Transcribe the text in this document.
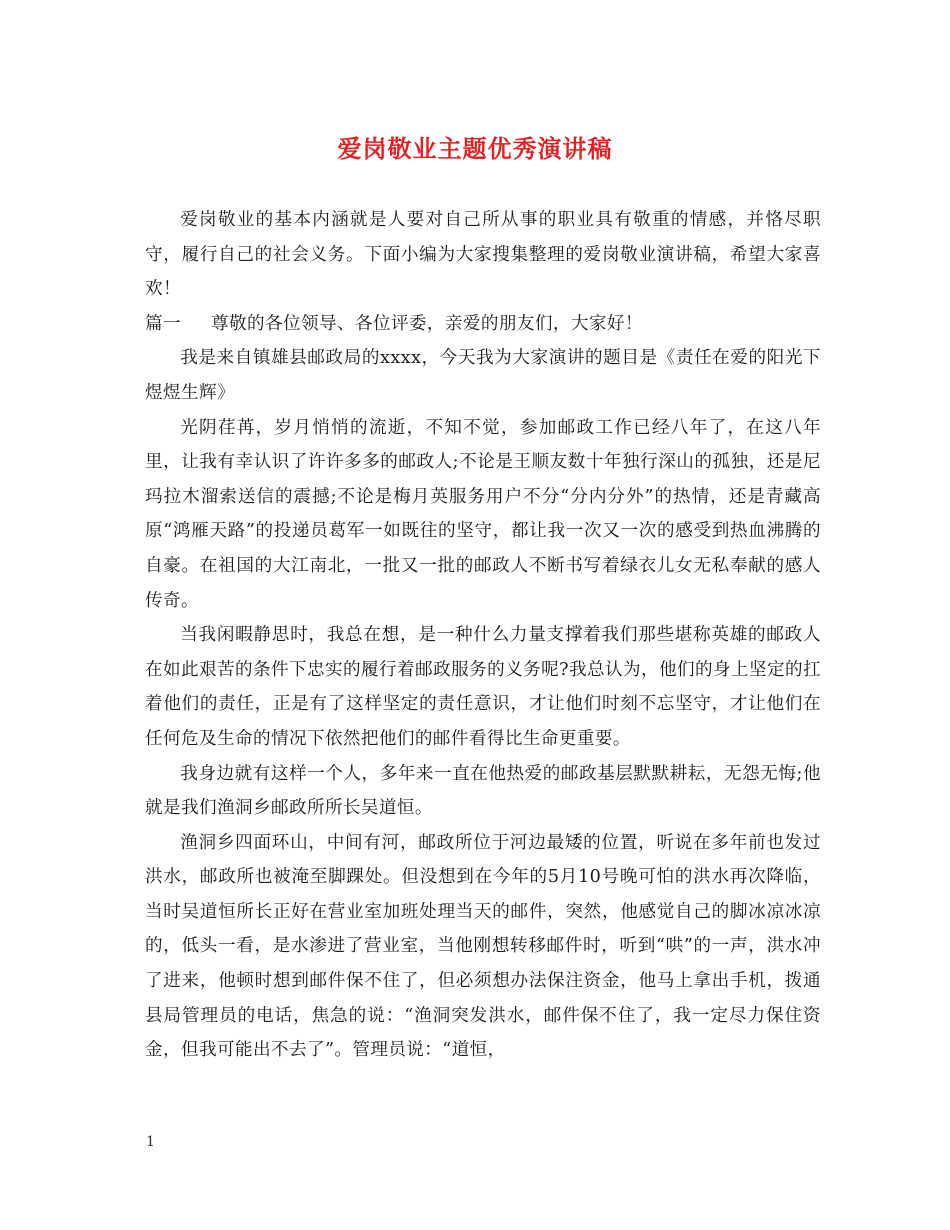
爱岗敬业主题优秀演讲稿

爱岗敬业的基本内涵就是人要对自己所从事的职业具有敬重的情感，并恪尽职守，履行自己的社会义务。下面小编为大家搜集整理的爱岗敬业演讲稿，希望大家喜欢！

篇一 尊敬的各位领导、各位评委，亲爱的朋友们，大家好！

我是来自镇雄县邮政局的xxxx，今天我为大家演讲的题目是《责任在爱的阳光下煜煜生辉》

光阴荏苒，岁月悄悄的流逝，不知不觉，参加邮政工作已经八年了，在这八年里，让我有幸认识了许许多多的邮政人;不论是王顺友数十年独行深山的孤独，还是尼玛拉木溜索送信的震撼;不论是梅月英服务用户不分“分内分外”的热情，还是青藏高原“鸿雁天路”的投递员葛军一如既往的坚守，都让我一次又一次的感受到热血沸腾的自豪。在祖国的大江南北，一批又一批的邮政人不断书写着绿衣儿女无私奉献的感人传奇。

当我闲暇静思时，我总在想，是一种什么力量支撑着我们那些堪称英雄的邮政人在如此艰苦的条件下忠实的履行着邮政服务的义务呢?我总认为，他们的身上坚定的扛着他们的责任，正是有了这样坚定的责任意识，才让他们时刻不忘坚守，才让他们在任何危及生命的情况下依然把他们的邮件看得比生命更重要。

我身边就有这样一个人，多年来一直在他热爱的邮政基层默默耕耘，无怨无悔;他就是我们渔洞乡邮政所所长吴道恒。

渔洞乡四面环山，中间有河，邮政所位于河边最矮的位置，听说在多年前也发过洪水，邮政所也被淹至脚踝处。但没想到在今年的5月10号晚可怕的洪水再次降临，当时吴道恒所长正好在营业室加班处理当天的邮件，突然，他感觉自己的脚冰凉冰凉的，低头一看，是水渗进了营业室，当他刚想转移邮件时，听到“哄”的一声，洪水冲了进来，他顿时想到邮件保不住了，但必须想办法保注资金，他马上拿出手机，拨通县局管理员的电话，焦急的说：“渔洞突发洪水，邮件保不住了，我一定尽力保住资金，但我可能出不去了”。管理员说：“道恒，

1
